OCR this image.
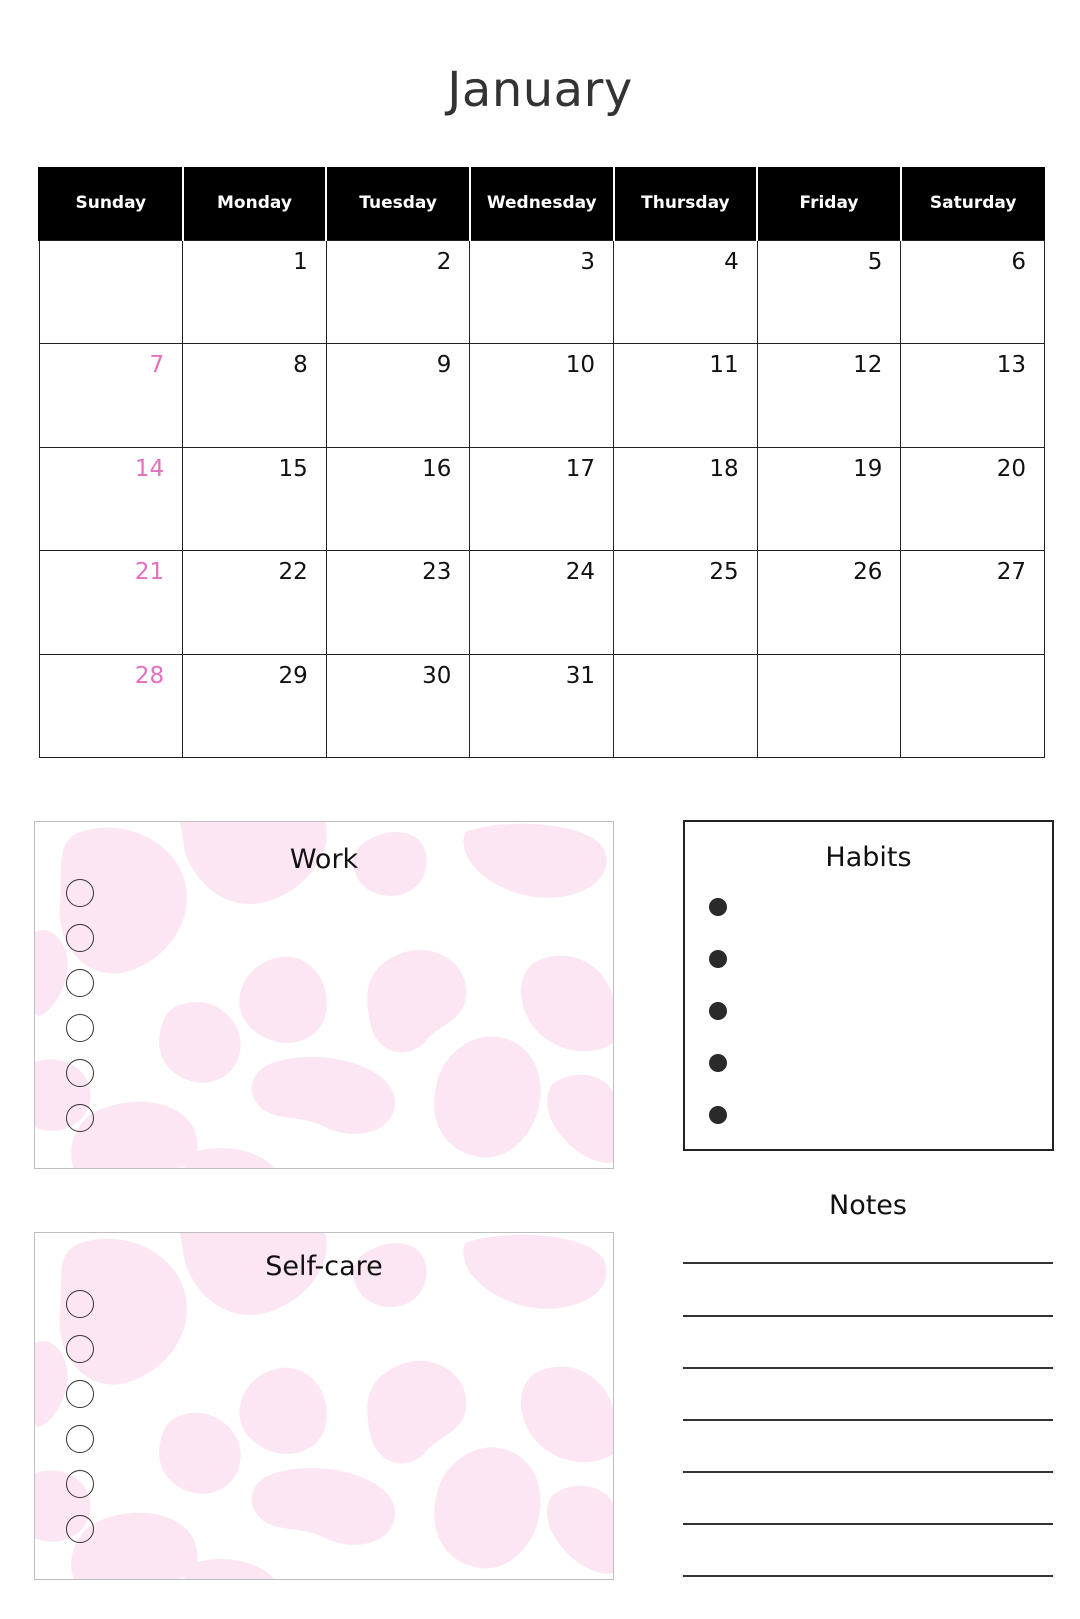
January
Sunday	Monday	Tuesday	Wednesday	Thursday	Friday	Saturday
	1	2	3	4	5	6
7	8	9	10	11	12	13
14	15	16	17	18	19	20
21	22	23	24	25	26	27
28	29	30	31			
Work
Self-care
Habits
Notes
